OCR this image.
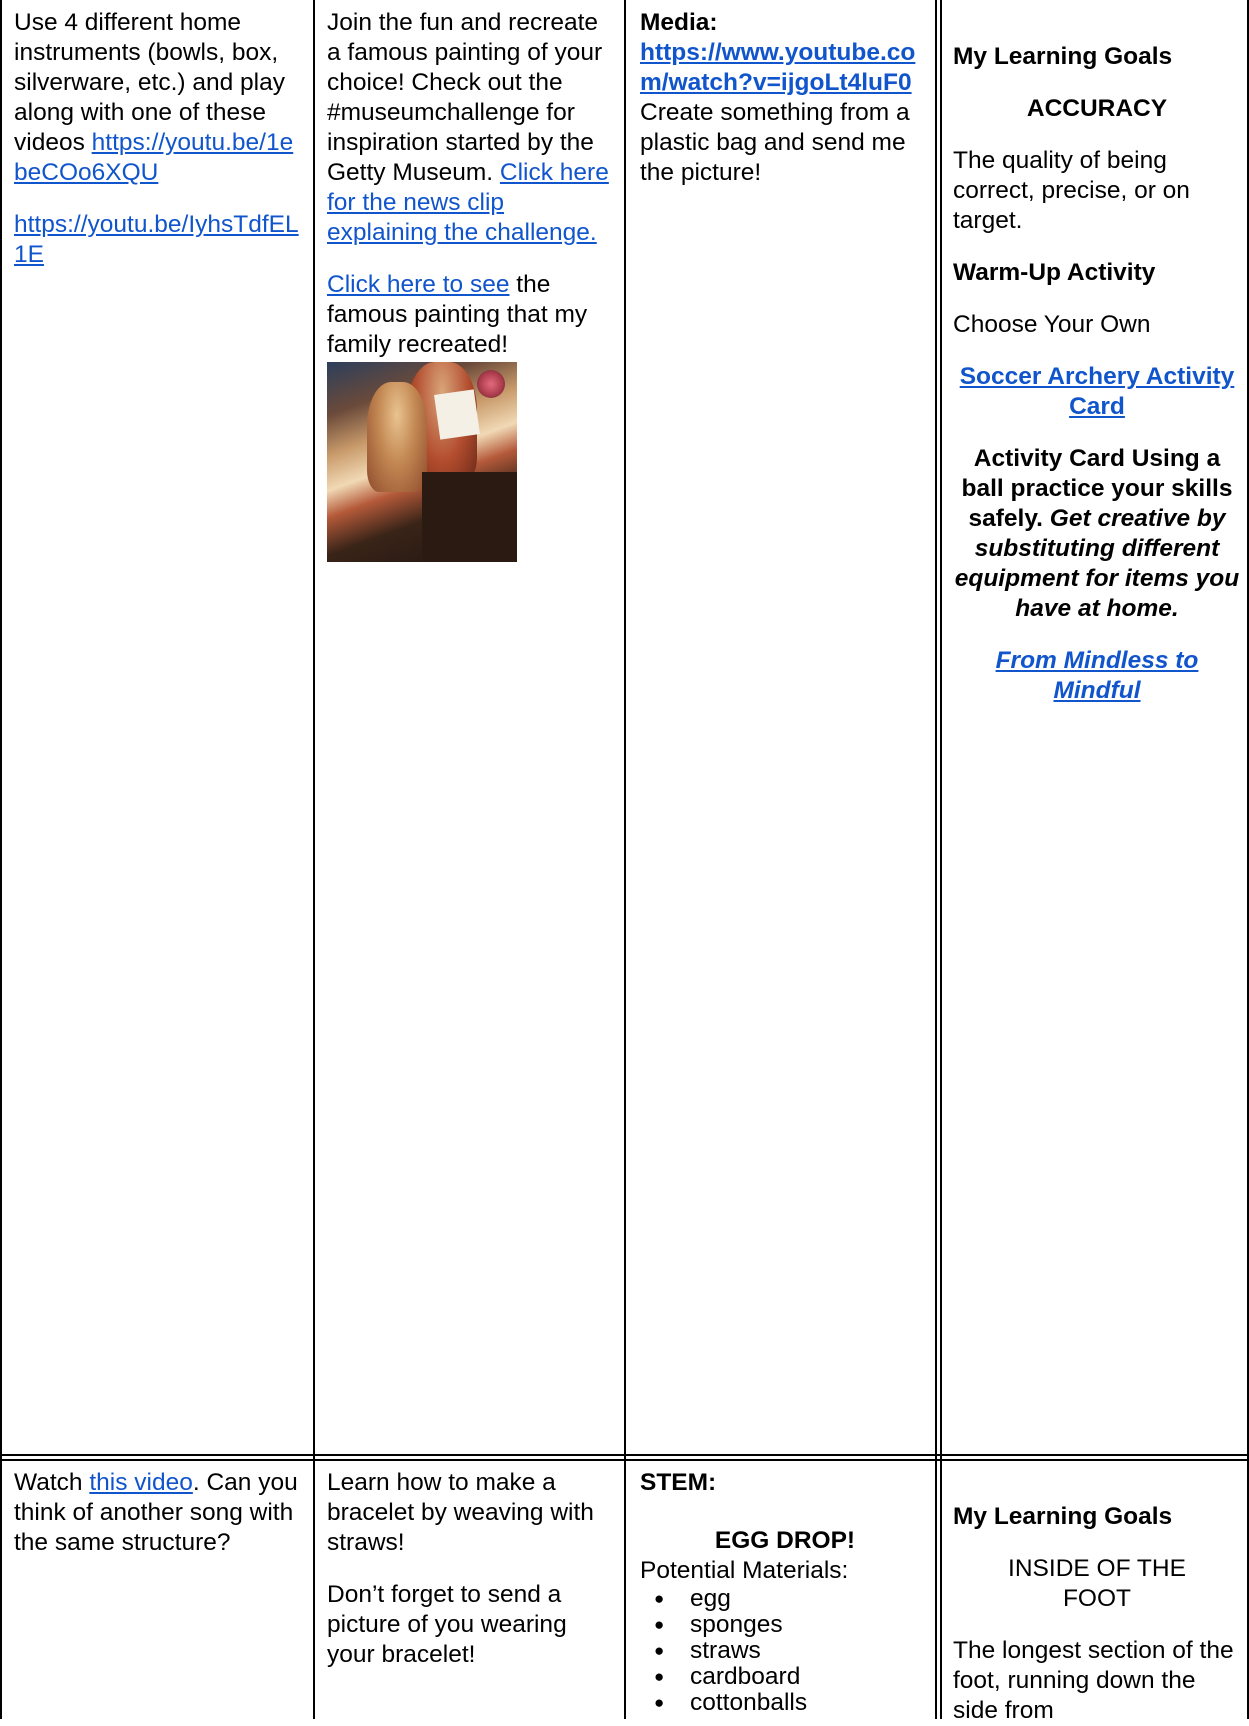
Use 4 different home instruments (bowls, box, silverware, etc.) and play along with one of these videos https://youtu.be/1ebeCOo6XQU

https://youtu.be/IyhsTdfEL1E

Join the fun and recreate a famous painting of your choice! Check out the #museumchallenge for inspiration started by the Getty Museum. Click here for the news clip explaining the challenge.

Click here to see the famous painting that my family recreated!

Media:

https://www.youtube.com/watch?v=ijgoLt4luF0

Create something from a plastic bag and send me the picture!

My Learning Goals

ACCURACY

The quality of being correct, precise, or on target.

Warm-Up Activity

Choose Your Own

Soccer Archery Activity Card

Activity Card Using a ball practice your skills safely. Get creative by substituting different equipment for items you have at home.

From Mindless to Mindful

Watch this video. Can you think of another song with the same structure?

Learn how to make a bracelet by weaving with straws!

Don’t forget to send a picture of you wearing your bracelet!

STEM:

EGG DROP!

Potential Materials:

● egg
● sponges
● straws
● cardboard
● cottonballs

My Learning Goals

INSIDE OF THE FOOT

The longest section of the foot, running down the side from
